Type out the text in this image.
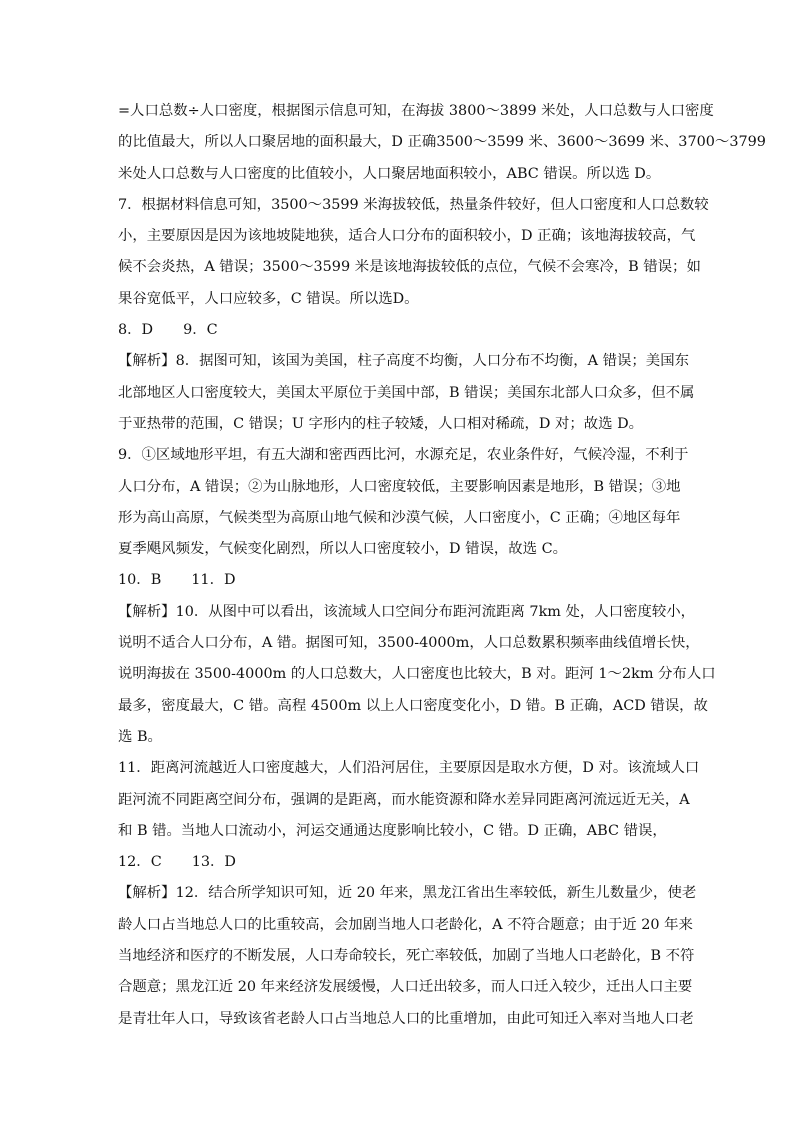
=人口总数÷人口密度，根据图示信息可知，在海拔 3800～3899 米处，人口总数与人口密度
的比值最大，所以人口聚居地的面积最大，D 正确3500～3599 米、3600～3699 米、3700～3799
米处人口总数与人口密度的比值较小，人口聚居地面积较小，ABC 错误。所以选 D。
7．根据材料信息可知，3500～3599 米海拔较低，热量条件较好，但人口密度和人口总数较
小，主要原因是因为该地坡陡地狭，适合人口分布的面积较小，D 正确；该地海拔较高，气
候不会炎热，A 错误；3500～3599 米是该地海拔较低的点位，气候不会寒冷，B 错误；如
果谷宽低平，人口应较多，C 错误。所以选D。
8．D 9．C
【解析】8．据图可知，该国为美国，柱子高度不均衡，人口分布不均衡，A 错误；美国东
北部地区人口密度较大，美国太平原位于美国中部，B 错误；美国东北部人口众多，但不属
于亚热带的范围，C 错误；U 字形内的柱子较矮，人口相对稀疏，D 对；故选 D。
9．①区域地形平坦，有五大湖和密西西比河，水源充足，农业条件好，气候冷湿，不利于
人口分布，A 错误；②为山脉地形，人口密度较低，主要影响因素是地形，B 错误；③地
形为高山高原，气候类型为高原山地气候和沙漠气候，人口密度小，C 正确；④地区每年
夏季飓风频发，气候变化剧烈，所以人口密度较小，D 错误，故选 C。
10．B 11．D
【解析】10．从图中可以看出，该流域人口空间分布距河流距离 7km 处，人口密度较小，
说明不适合人口分布，A 错。据图可知，3500-4000m，人口总数累积频率曲线值增长快，
说明海拔在 3500-4000m 的人口总数大，人口密度也比较大，B 对。距河 1～2km 分布人口
最多，密度最大，C 错。高程 4500m 以上人口密度变化小，D 错。B 正确，ACD 错误，故
选 B。
11．距离河流越近人口密度越大，人们沿河居住，主要原因是取水方便，D 对。该流域人口
距河流不同距离空间分布，强调的是距离，而水能资源和降水差异同距离河流远近无关，A
和 B 错。当地人口流动小，河运交通通达度影响比较小，C 错。D 正确，ABC 错误，
12．C 13．D
【解析】12．结合所学知识可知，近 20 年来，黑龙江省出生率较低，新生儿数量少，使老
龄人口占当地总人口的比重较高，会加剧当地人口老龄化，A 不符合题意；由于近 20 年来
当地经济和医疗的不断发展，人口寿命较长，死亡率较低，加剧了当地人口老龄化，B 不符
合题意；黑龙江近 20 年来经济发展缓慢，人口迁出较多，而人口迁入较少，迁出人口主要
是青壮年人口，导致该省老龄人口占当地总人口的比重增加，由此可知迁入率对当地人口老
